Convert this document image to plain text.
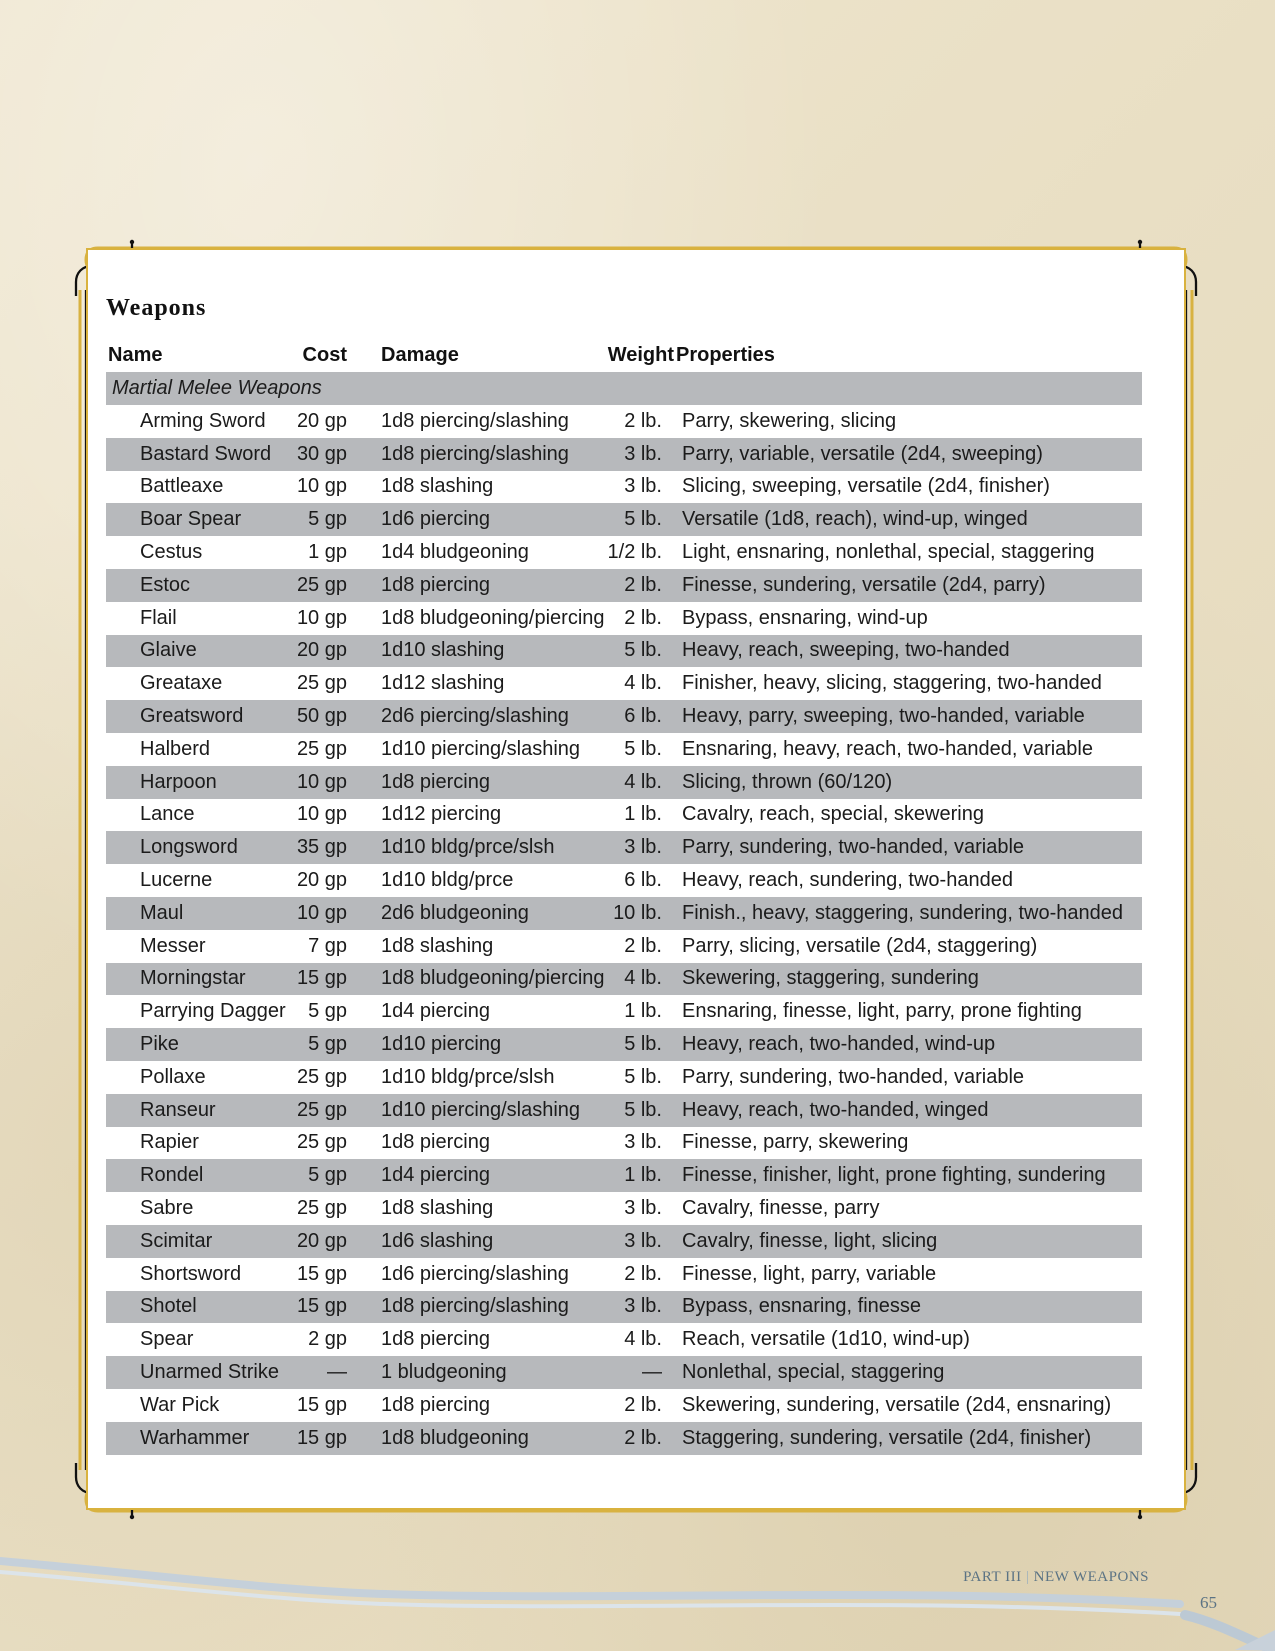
Weapons
Name	Cost	Damage	Weight Properties
Martial Melee Weapons
Arming Sword	20 gp	1d8 piercing/slashing	2 lb.	Parry, skewering, slicing
Bastard Sword	30 gp	1d8 piercing/slashing	3 lb.	Parry, variable, versatile (2d4, sweeping)
Battleaxe	10 gp	1d8 slashing	3 lb.	Slicing, sweeping, versatile (2d4, finisher)
Boar Spear	5 gp	1d6 piercing	5 lb.	Versatile (1d8, reach), wind-up, winged
Cestus	1 gp	1d4 bludgeoning	1/2 lb.	Light, ensnaring, nonlethal, special, staggering
Estoc	25 gp	1d8 piercing	2 lb.	Finesse, sundering, versatile (2d4, parry)
Flail	10 gp	1d8 bludgeoning/piercing 2 lb.	Bypass, ensnaring, wind-up
Glaive	20 gp	1d10 slashing	5 lb.	Heavy, reach, sweeping, two-handed
Greataxe	25 gp	1d12 slashing	4 lb.	Finisher, heavy, slicing, staggering, two-handed
Greatsword	50 gp	2d6 piercing/slashing	6 lb.	Heavy, parry, sweeping, two-handed, variable
Halberd	25 gp	1d10 piercing/slashing	5 lb.	Ensnaring, heavy, reach, two-handed, variable
Harpoon	10 gp	1d8 piercing	4 lb.	Slicing, thrown (60/120)
Lance	10 gp	1d12 piercing	1 lb.	Cavalry, reach, special, skewering
Longsword	35 gp	1d10 bldg/prce/slsh	3 lb.	Parry, sundering, two-handed, variable
Lucerne	20 gp	1d10 bldg/prce	6 lb.	Heavy, reach, sundering, two-handed
Maul	10 gp	2d6 bludgeoning	10 lb.	Finish., heavy, staggering, sundering, two-handed
Messer	7 gp	1d8 slashing	2 lb.	Parry, slicing, versatile (2d4, staggering)
Morningstar	15 gp	1d8 bludgeoning/piercing 4 lb.	Skewering, staggering, sundering
Parrying Dagger	5 gp	1d4 piercing	1 lb.	Ensnaring, finesse, light, parry, prone fighting
Pike	5 gp	1d10 piercing	5 lb.	Heavy, reach, two-handed, wind-up
Pollaxe	25 gp	1d10 bldg/prce/slsh	5 lb.	Parry, sundering, two-handed, variable
Ranseur	25 gp	1d10 piercing/slashing	5 lb.	Heavy, reach, two-handed, winged
Rapier	25 gp	1d8 piercing	3 lb.	Finesse, parry, skewering
Rondel	5 gp	1d4 piercing	1 lb.	Finesse, finisher, light, prone fighting, sundering
Sabre	25 gp	1d8 slashing	3 lb.	Cavalry, finesse, parry
Scimitar	20 gp	1d6 slashing	3 lb.	Cavalry, finesse, light, slicing
Shortsword	15 gp	1d6 piercing/slashing	2 lb.	Finesse, light, parry, variable
Shotel	15 gp	1d8 piercing/slashing	3 lb.	Bypass, ensnaring, finesse
Spear	2 gp	1d8 piercing	4 lb.	Reach, versatile (1d10, wind-up)
Unarmed Strike	—	1 bludgeoning	—	Nonlethal, special, staggering
War Pick	15 gp	1d8 piercing	2 lb.	Skewering, sundering, versatile (2d4, ensnaring)
Warhammer	15 gp	1d8 bludgeoning	2 lb.	Staggering, sundering, versatile (2d4, finisher)
PART III | NEW WEAPONS
65
